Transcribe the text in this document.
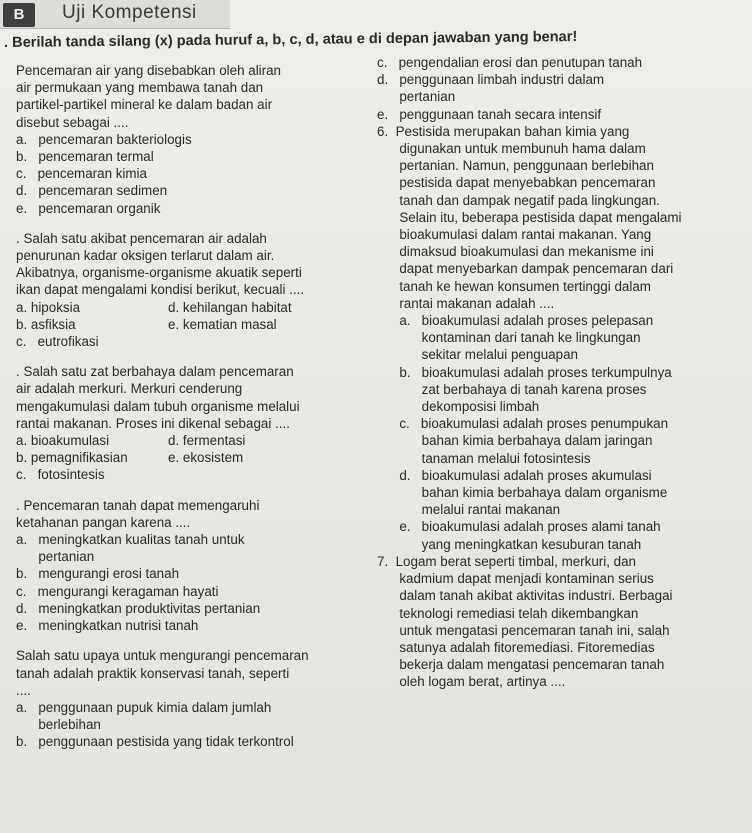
B	Uji Kompetensi
. Berilah tanda silang (x) pada huruf a, b, c, d, atau e di depan jawaban yang benar!
Pencemaran air yang disebabkan oleh aliran
air permukaan yang membawa tanah dan
partikel-partikel mineral ke dalam badan air
disebut sebagai ....
a.   pencemaran bakteriologis
b.   pencemaran termal
c.   pencemaran kimia
d.   pencemaran sedimen
e.   pencemaran organik
. Salah satu akibat pencemaran air adalah
penurunan kadar oksigen terlarut dalam air.
Akibatnya, organisme-organisme akuatik seperti
ikan dapat mengalami kondisi berikut, kecuali ....
a. hipoksia	d. kehilangan habitat
b. asfiksia	e. kematian masal
c.   eutrofikasi
. Salah satu zat berbahaya dalam pencemaran
air adalah merkuri. Merkuri cenderung
mengakumulasi dalam tubuh organisme melalui
rantai makanan. Proses ini dikenal sebagai ....
a. bioakumulasi	d. fermentasi
b. pemagnifikasian	e. ekosistem
c.   fotosintesis
. Pencemaran tanah dapat memengaruhi
ketahanan pangan karena ....
a.   meningkatkan kualitas tanah untuk
pertanian
b.   mengurangi erosi tanah
c.   mengurangi keragaman hayati
d.   meningkatkan produktivitas pertanian
e.   meningkatkan nutrisi tanah
Salah satu upaya untuk mengurangi pencemaran
tanah adalah praktik konservasi tanah, seperti
....
a.   penggunaan pupuk kimia dalam jumlah
berlebihan
b.   penggunaan pestisida yang tidak terkontrol
c.   pengendalian erosi dan penutupan tanah
d.   penggunaan limbah industri dalam
pertanian
e.   penggunaan tanah secara intensif
6.  Pestisida merupakan bahan kimia yang
digunakan untuk membunuh hama dalam
pertanian. Namun, penggunaan berlebihan
pestisida dapat menyebabkan pencemaran
tanah dan dampak negatif pada lingkungan.
Selain itu, beberapa pestisida dapat mengalami
bioakumulasi dalam rantai makanan. Yang
dimaksud bioakumulasi dan mekanisme ini
dapat menyebarkan dampak pencemaran dari
tanah ke hewan konsumen tertinggi dalam
rantai makanan adalah ....
a.   bioakumulasi adalah proses pelepasan
kontaminan dari tanah ke lingkungan
sekitar melalui penguapan
b.   bioakumulasi adalah proses terkumpulnya
zat berbahaya di tanah karena proses
dekomposisi limbah
c.   bioakumulasi adalah proses penumpukan
bahan kimia berbahaya dalam jaringan
tanaman melalui fotosintesis
d.   bioakumulasi adalah proses akumulasi
bahan kimia berbahaya dalam organisme
melalui rantai makanan
e.   bioakumulasi adalah proses alami tanah
yang meningkatkan kesuburan tanah
7.  Logam berat seperti timbal, merkuri, dan
kadmium dapat menjadi kontaminan serius
dalam tanah akibat aktivitas industri. Berbagai
teknologi remediasi telah dikembangkan
untuk mengatasi pencemaran tanah ini, salah
satunya adalah fitoremediasi. Fitoremedias
bekerja dalam mengatasi pencemaran tanah
oleh logam berat, artinya ....
